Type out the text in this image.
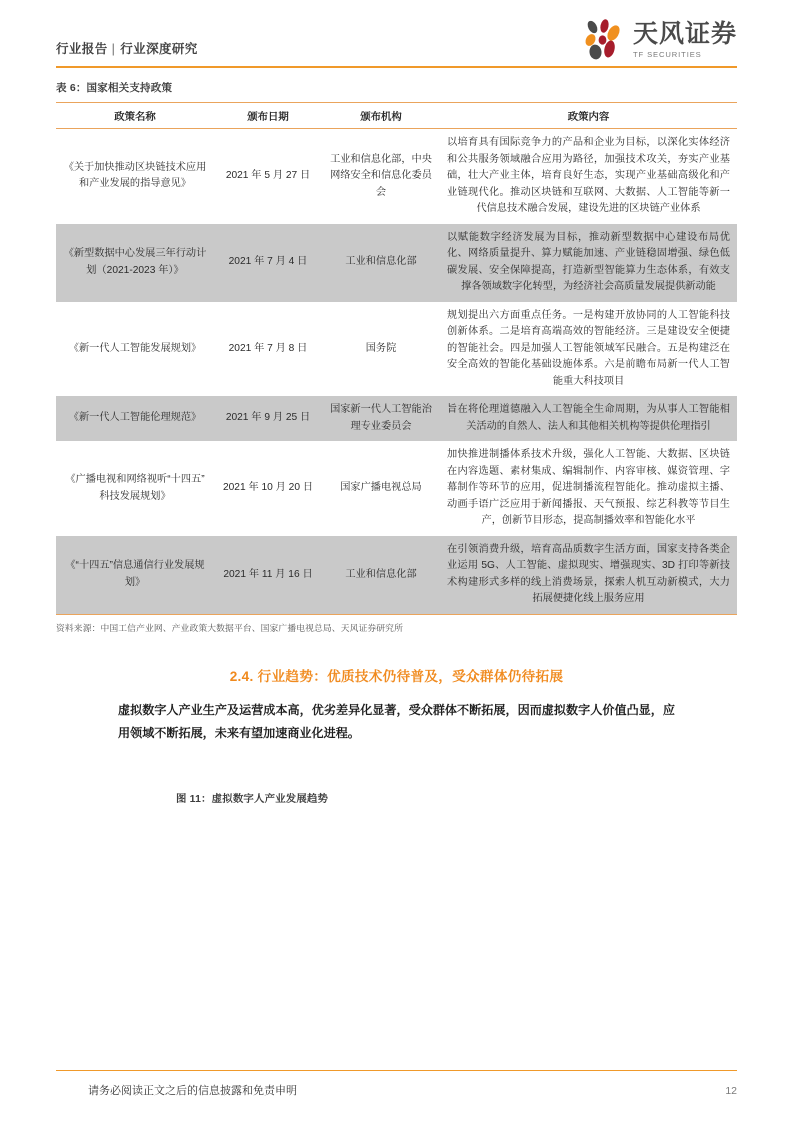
行业报告 | 行业深度研究
天风证券
TF SECURITIES
表 6：国家相关支持政策
政策名称	颁布日期	颁布机构	政策内容
《关于加快推动区块链技术应用和产业发展的指导意见》	2021 年 5 月 27 日	工业和信息化部，中央网络安全和信息化委员会	以培育具有国际竞争力的产品和企业为目标，以深化实体经济和公共服务领域融合应用为路径，加强技术攻关，夯实产业基础，壮大产业主体，培育良好生态，实现产业基础高级化和产业链现代化。推动区块链和互联网、大数据、人工智能等新一代信息技术融合发展，建设先进的区块链产业体系
《新型数据中心发展三年行动计划（2021-2023 年）》	2021 年 7 月 4 日	工业和信息化部	以赋能数字经济发展为目标，推动新型数据中心建设布局优化、网络质量提升、算力赋能加速、产业链稳固增强、绿色低碳发展、安全保障提高，打造新型智能算力生态体系，有效支撑各领域数字化转型，为经济社会高质量发展提供新动能
《新一代人工智能发展规划》	2021 年 7 月 8 日	国务院	规划提出六方面重点任务。一是构建开放协同的人工智能科技创新体系。二是培育高端高效的智能经济。三是建设安全便捷的智能社会。四是加强人工智能领域军民融合。五是构建泛在安全高效的智能化基础设施体系。六是前瞻布局新一代人工智能重大科技项目
《新一代人工智能伦理规范》	2021 年 9 月 25 日	国家新一代人工智能治理专业委员会	旨在将伦理道德融入人工智能全生命周期，为从事人工智能相关活动的自然人、法人和其他相关机构等提供伦理指引
《广播电视和网络视听“十四五”科技发展规划》	2021 年 10 月 20 日	国家广播电视总局	加快推进制播体系技术升级，强化人工智能、大数据、区块链在内容选题、素材集成、编辑制作、内容审核、媒资管理、字幕制作等环节的应用，促进制播流程智能化。推动虚拟主播、动画手语广泛应用于新闻播报、天气预报、综艺科教等节目生产，创新节目形态，提高制播效率和智能化水平
《“十四五”信息通信行业发展规划》	2021 年 11 月 16 日	工业和信息化部	在引领消费升级，培育高品质数字生活方面，国家支持各类企业运用 5G、人工智能、虚拟现实、增强现实、3D 打印等新技术构建形式多样的线上消费场景，探索人机互动新模式，大力拓展便捷化线上服务应用
资料来源：中国工信产业网、产业政策大数据平台、国家广播电视总局、天风证券研究所
2.4. 行业趋势：优质技术仍待普及，受众群体仍待拓展
虚拟数字人产业生产及运营成本高，优劣差异化显著，受众群体不断拓展，因而虚拟数字人价值凸显，应用领域不断拓展，未来有望加速商业化进程。
图 11：虚拟数字人产业发展趋势
请务必阅读正文之后的信息披露和免责申明	12
